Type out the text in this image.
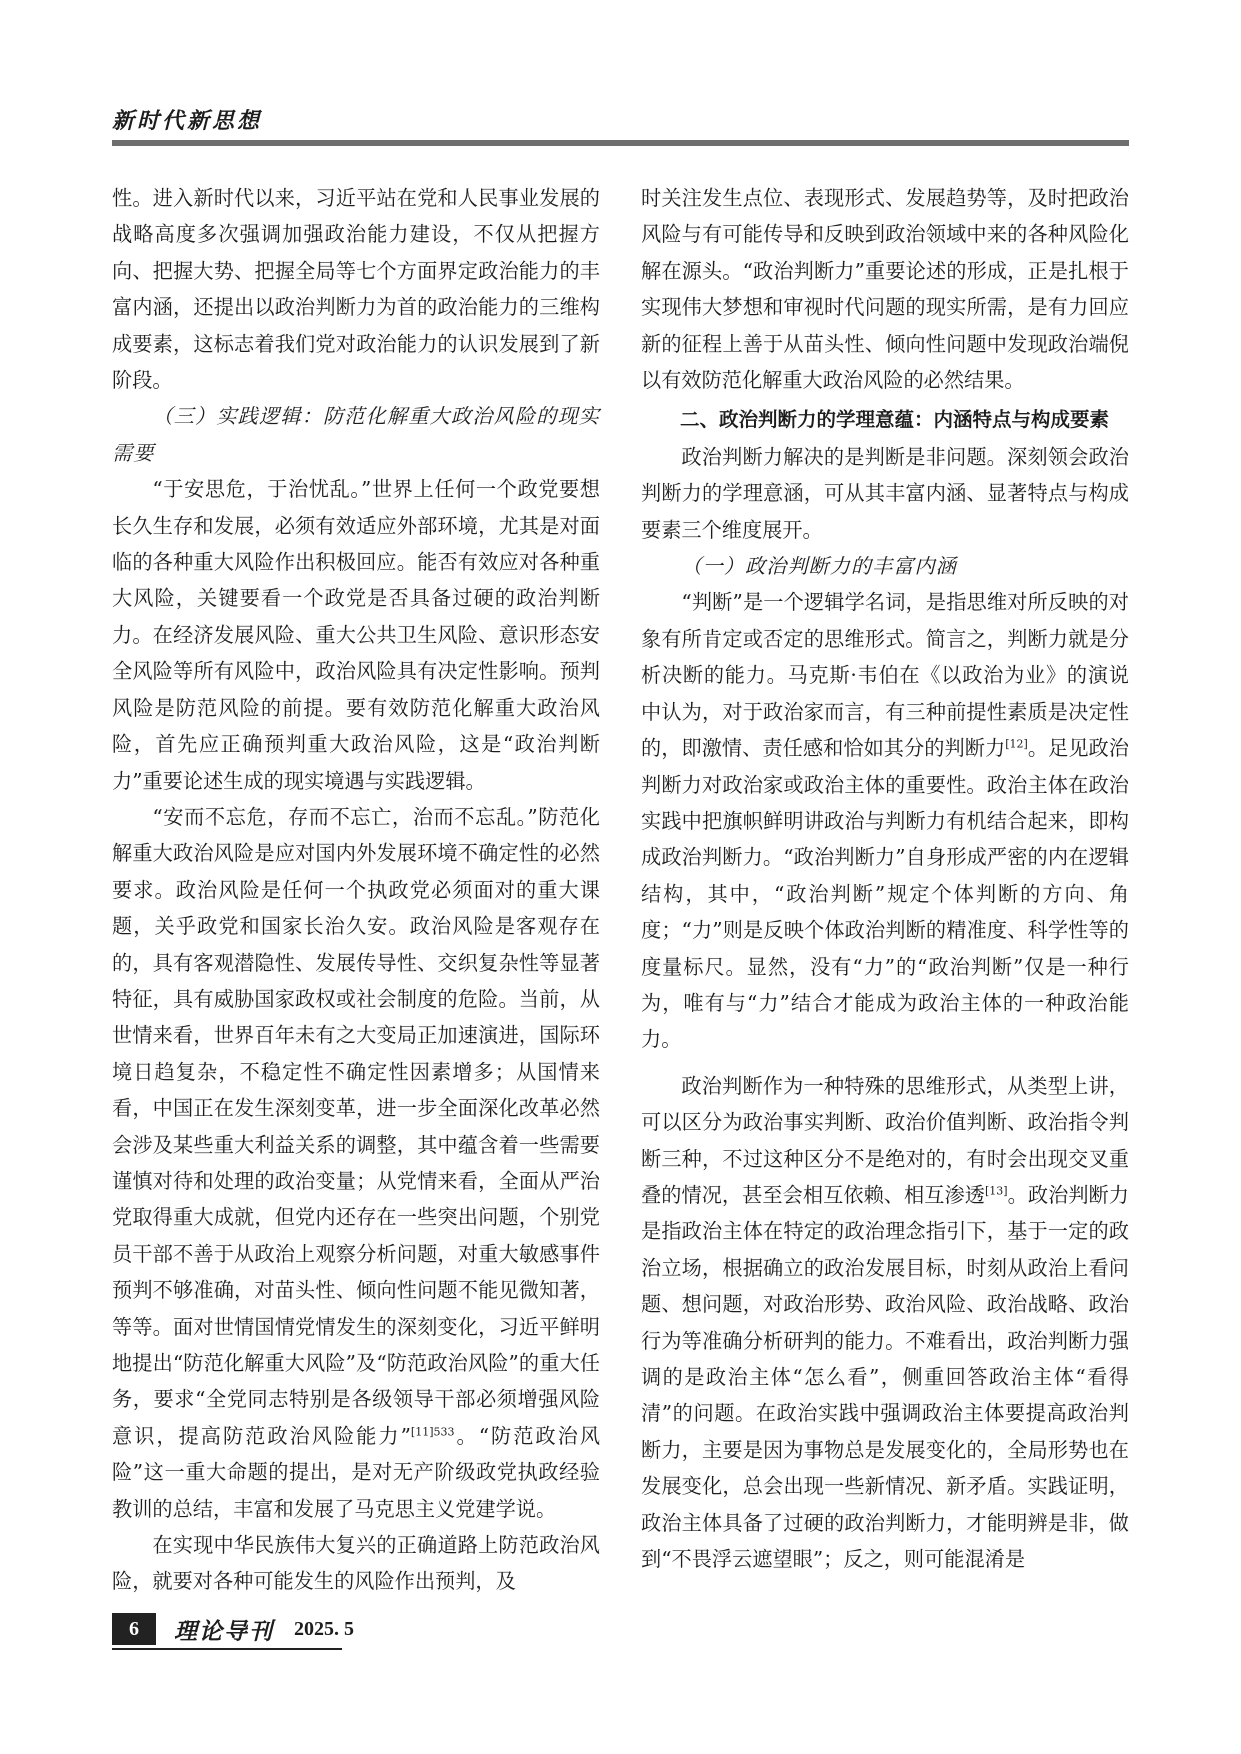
新时代新思想

性。进入新时代以来，习近平站在党和人民事业发展的战略高度多次强调加强政治能力建设，不仅从把握方向、把握大势、把握全局等七个方面界定政治能力的丰富内涵，还提出以政治判断力为首的政治能力的三维构成要素，这标志着我们党对政治能力的认识发展到了新阶段。

（三）实践逻辑：防范化解重大政治风险的现实需要

“于安思危，于治忧乱。”世界上任何一个政党要想长久生存和发展，必须有效适应外部环境，尤其是对面临的各种重大风险作出积极回应。能否有效应对各种重大风险，关键要看一个政党是否具备过硬的政治判断力。在经济发展风险、重大公共卫生风险、意识形态安全风险等所有风险中，政治风险具有决定性影响。预判风险是防范风险的前提。要有效防范化解重大政治风险，首先应正确预判重大政治风险，这是“政治判断力”重要论述生成的现实境遇与实践逻辑。

“安而不忘危，存而不忘亡，治而不忘乱。”防范化解重大政治风险是应对国内外发展环境不确定性的必然要求。政治风险是任何一个执政党必须面对的重大课题，关乎政党和国家长治久安。政治风险是客观存在的，具有客观潜隐性、发展传导性、交织复杂性等显著特征，具有威胁国家政权或社会制度的危险。当前，从世情来看，世界百年未有之大变局正加速演进，国际环境日趋复杂，不稳定性不确定性因素增多；从国情来看，中国正在发生深刻变革，进一步全面深化改革必然会涉及某些重大利益关系的调整，其中蕴含着一些需要谨慎对待和处理的政治变量；从党情来看，全面从严治党取得重大成就，但党内还存在一些突出问题，个别党员干部不善于从政治上观察分析问题，对重大敏感事件预判不够准确，对苗头性、倾向性问题不能见微知著，等等。面对世情国情党情发生的深刻变化，习近平鲜明地提出“防范化解重大风险”及“防范政治风险”的重大任务，要求“全党同志特别是各级领导干部必须增强风险意识，提高防范政治风险能力”$^{[11]533}$。“防范政治风险”这一重大命题的提出，是对无产阶级政党执政经验教训的总结，丰富和发展了马克思主义党建学说。

在实现中华民族伟大复兴的正确道路上防范政治风险，就要对各种可能发生的风险作出预判，及

时关注发生点位、表现形式、发展趋势等，及时把政治风险与有可能传导和反映到政治领域中来的各种风险化解在源头。“政治判断力”重要论述的形成，正是扎根于实现伟大梦想和审视时代问题的现实所需，是有力回应新的征程上善于从苗头性、倾向性问题中发现政治端倪以有效防范化解重大政治风险的必然结果。

二、政治判断力的学理意蕴：内涵特点与构成要素

政治判断力解决的是判断是非问题。深刻领会政治判断力的学理意涵，可从其丰富内涵、显著特点与构成要素三个维度展开。

（一）政治判断力的丰富内涵

“判断”是一个逻辑学名词，是指思维对所反映的对象有所肯定或否定的思维形式。简言之，判断力就是分析决断的能力。马克斯·韦伯在《以政治为业》的演说中认为，对于政治家而言，有三种前提性素质是决定性的，即激情、责任感和恰如其分的判断力[12]。足见政治判断力对政治家或政治主体的重要性。政治主体在政治实践中把旗帜鲜明讲政治与判断力有机结合起来，即构成政治判断力。“政治判断力”自身形成严密的内在逻辑结构，其中，“政治判断”规定个体判断的方向、角度；“力”则是反映个体政治判断的精准度、科学性等的度量标尺。显然，没有“力”的“政治判断”仅是一种行为，唯有与“力”结合才能成为政治主体的一种政治能力。

政治判断作为一种特殊的思维形式，从类型上讲，可以区分为政治事实判断、政治价值判断、政治指令判断三种，不过这种区分不是绝对的，有时会出现交叉重叠的情况，甚至会相互依赖、相互渗透[13]。政治判断力是指政治主体在特定的政治理念指引下，基于一定的政治立场，根据确立的政治发展目标，时刻从政治上看问题、想问题，对政治形势、政治风险、政治战略、政治行为等准确分析研判的能力。不难看出，政治判断力强调的是政治主体“怎么看”，侧重回答政治主体“看得清”的问题。在政治实践中强调政治主体要提高政治判断力，主要是因为事物总是发展变化的，全局形势也在发展变化，总会出现一些新情况、新矛盾。实践证明，政治主体具备了过硬的政治判断力，才能明辨是非，做到“不畏浮云遮望眼”；反之，则可能混淆是

6	理论导刊 2025. 5
